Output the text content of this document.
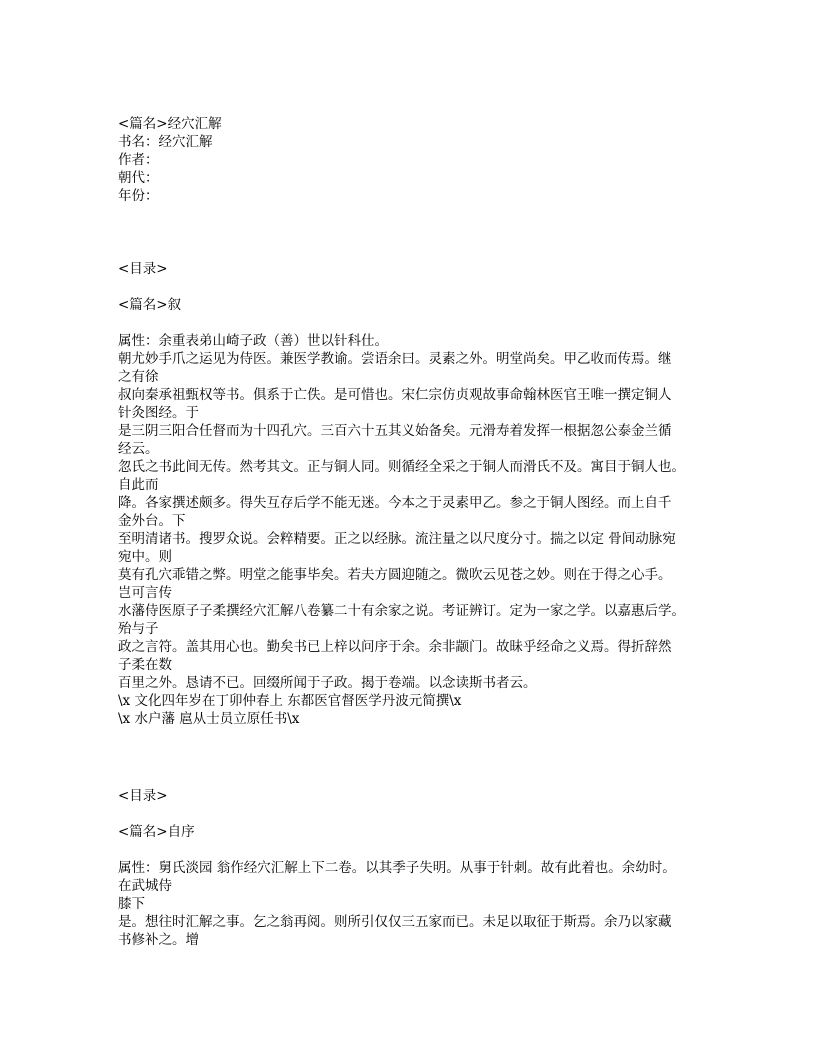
<篇名>经穴汇解
书名：经穴汇解
作者：
朝代：
年份：
<目录>
<篇名>叙
属性：余重表弟山崎子政（善）世以针科仕。
朝尤妙手爪之运见为侍医。兼医学教谕。尝语余曰。灵素之外。明堂尚矣。甲乙收而传焉。继
之有徐
叔向秦承祖甄权等书。俱系于亡佚。是可惜也。宋仁宗仿贞观故事命翰林医官王唯一撰定铜人
针灸图经。于
是三阴三阳合任督而为十四孔穴。三百六十五其义始备矣。元滑寿着发挥一根据忽公泰金兰循
经云。
忽氏之书此间无传。然考其文。正与铜人同。则循经全采之于铜人而滑氏不及。寓目于铜人也。
自此而
降。各家撰述颇多。得失互存后学不能无迷。今本之于灵素甲乙。参之于铜人图经。而上自千
金外台。下
至明清诸书。搜罗众说。会粹精要。正之以经脉。流注量之以尺度分寸。揣之以定 骨间动脉宛
宛中。则
莫有孔穴乖错之弊。明堂之能事毕矣。若夫方圆迎随之。微吹云见苍之妙。则在于得之心手。
岂可言传
水藩侍医原子子柔撰经穴汇解八卷纂二十有余家之说。考证辨订。定为一家之学。以嘉惠后学。
殆与子
政之言符。盖其用心也。勤矣书已上梓以问序于余。余非颛门。故昧乎经命之义焉。得折辞然
子柔在数
百里之外。恳请不已。回缀所闻于子政。揭于卷端。以念读斯书者云。
\x 文化四年岁在丁卯仲春上 东都医官督医学丹波元简撰\x
\x 水户藩 扈从士员立原任书\x
<目录>
<篇名>自序
属性：舅氏淡园 翁作经穴汇解上下二卷。以其季子失明。从事于针刺。故有此着也。余幼时。
在武城侍
膝下
是。想往时汇解之事。乞之翁再阅。则所引仅仅三五家而已。未足以取征于斯焉。余乃以家藏
书修补之。增
